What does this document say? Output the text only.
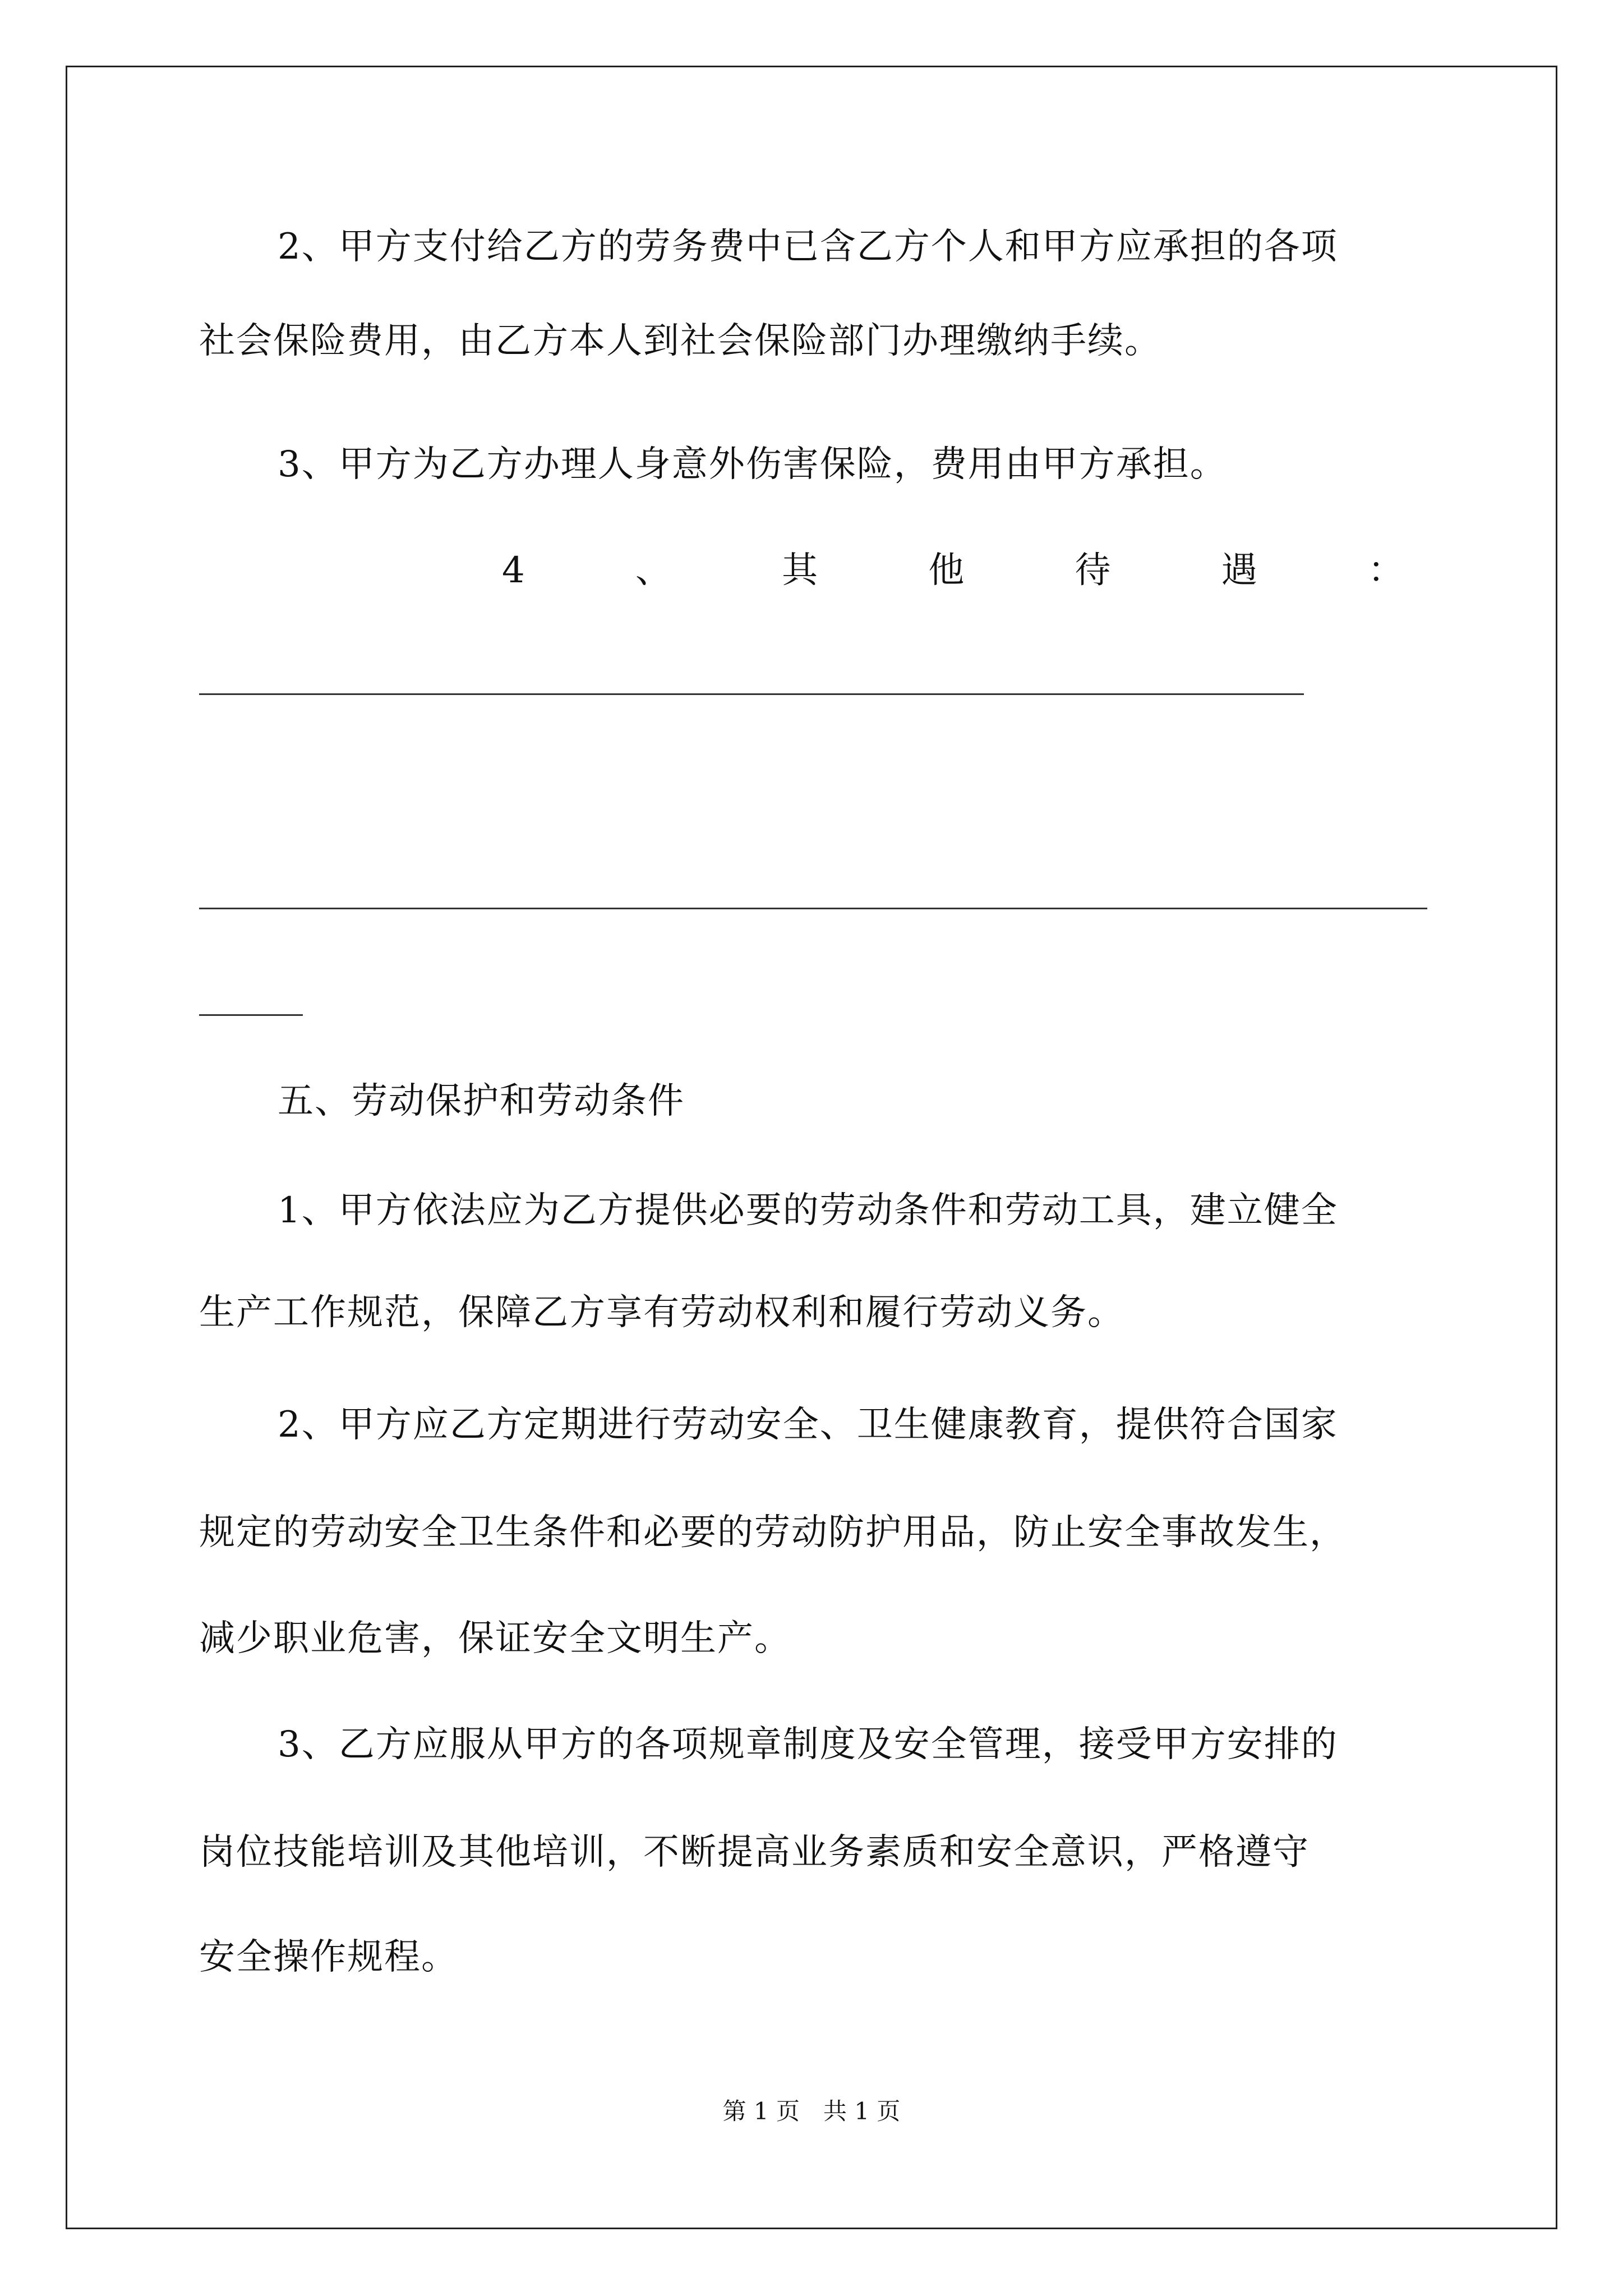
2、甲方支付给乙方的劳务费中已含乙方个人和甲方应承担的各项
社会保险费用，由乙方本人到社会保险部门办理缴纳手续。
3、甲方为乙方办理人身意外伤害保险，费用由甲方承担。
4	、	其	他	待	遇	：
五、劳动保护和劳动条件
1、甲方依法应为乙方提供必要的劳动条件和劳动工具，建立健全
生产工作规范，保障乙方享有劳动权利和履行劳动义务。
2、甲方应乙方定期进行劳动安全、卫生健康教育，提供符合国家
规定的劳动安全卫生条件和必要的劳动防护用品，防止安全事故发生，
减少职业危害，保证安全文明生产。
3、乙方应服从甲方的各项规章制度及安全管理，接受甲方安排的
岗位技能培训及其他培训，不断提高业务素质和安全意识，严格遵守
安全操作规程。
第 1 页　共 1 页
